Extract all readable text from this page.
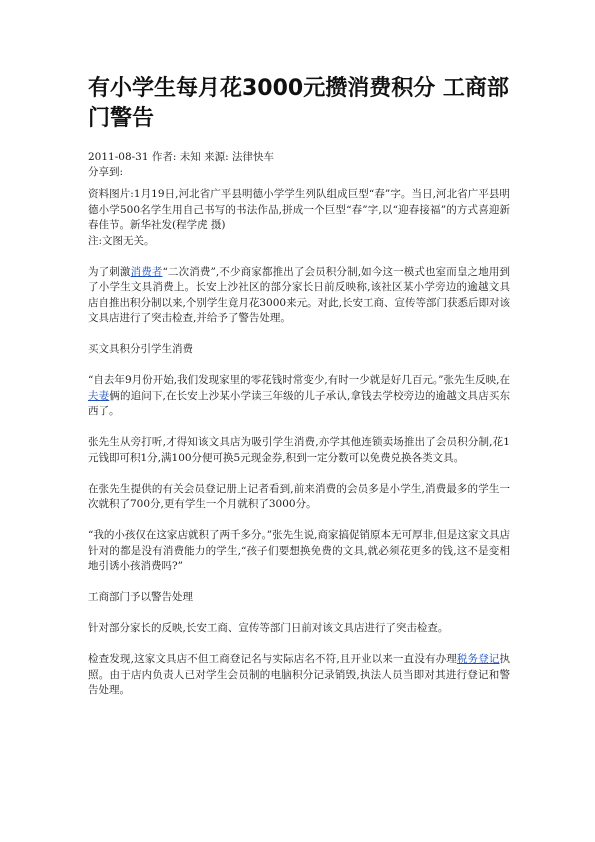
有小学生每月花3000元攒消费积分 工商部门警告
2011-08-31 作者: 未知 来源: 法律快车
分享到:

资料图片:1月19日,河北省广平县明德小学学生列队组成巨型“春”字。当日,河北省广平县明德小学500名学生用自己书写的书法作品,拼成一个巨型“春”字,以“迎春接福”的方式喜迎新春佳节。新华社发(程学虎 摄)
注:文图无关。

为了刺激消费者“二次消费”,不少商家都推出了会员积分制,如今这一模式也室而皇之地用到了小学生文具消费上。长安上沙社区的部分家长日前反映称,该社区某小学旁边的逾越文具店自推出积分制以来,个别学生竟月花3000来元。对此,长安工商、宣传等部门获悉后即对该文具店进行了突击检查,并给予了警告处理。

买文具积分引学生消费

“自去年9月份开始,我们发现家里的零花钱时常变少,有时一少就是好几百元。”张先生反映,在夫妻俩的追问下,在长安上沙某小学读三年级的儿子承认,拿钱去学校旁边的逾越文具店买东西了。

张先生从旁打听,才得知该文具店为吸引学生消费,亦学其他连锁卖场推出了会员积分制,花1元钱即可积1分,满100分便可换5元现金券,积到一定分数可以免费兑换各类文具。

在张先生提供的有关会员登记册上记者看到,前来消费的会员多是小学生,消费最多的学生一次就积了700分,更有学生一个月就积了3000分。

“我的小孩仅在这家店就积了两千多分。”张先生说,商家搞促销原本无可厚非,但是这家文具店针对的都是没有消费能力的学生,“孩子们要想换免费的文具,就必须花更多的钱,这不是变相地引诱小孩消费吗?”

工商部门予以警告处理

针对部分家长的反映,长安工商、宣传等部门日前对该文具店进行了突击检查。

检查发现,这家文具店不但工商登记名与实际店名不符,且开业以来一直没有办理税务登记执照。由于店内负责人已对学生会员制的电脑积分记录销毁,执法人员当即对其进行登记和警告处理。
